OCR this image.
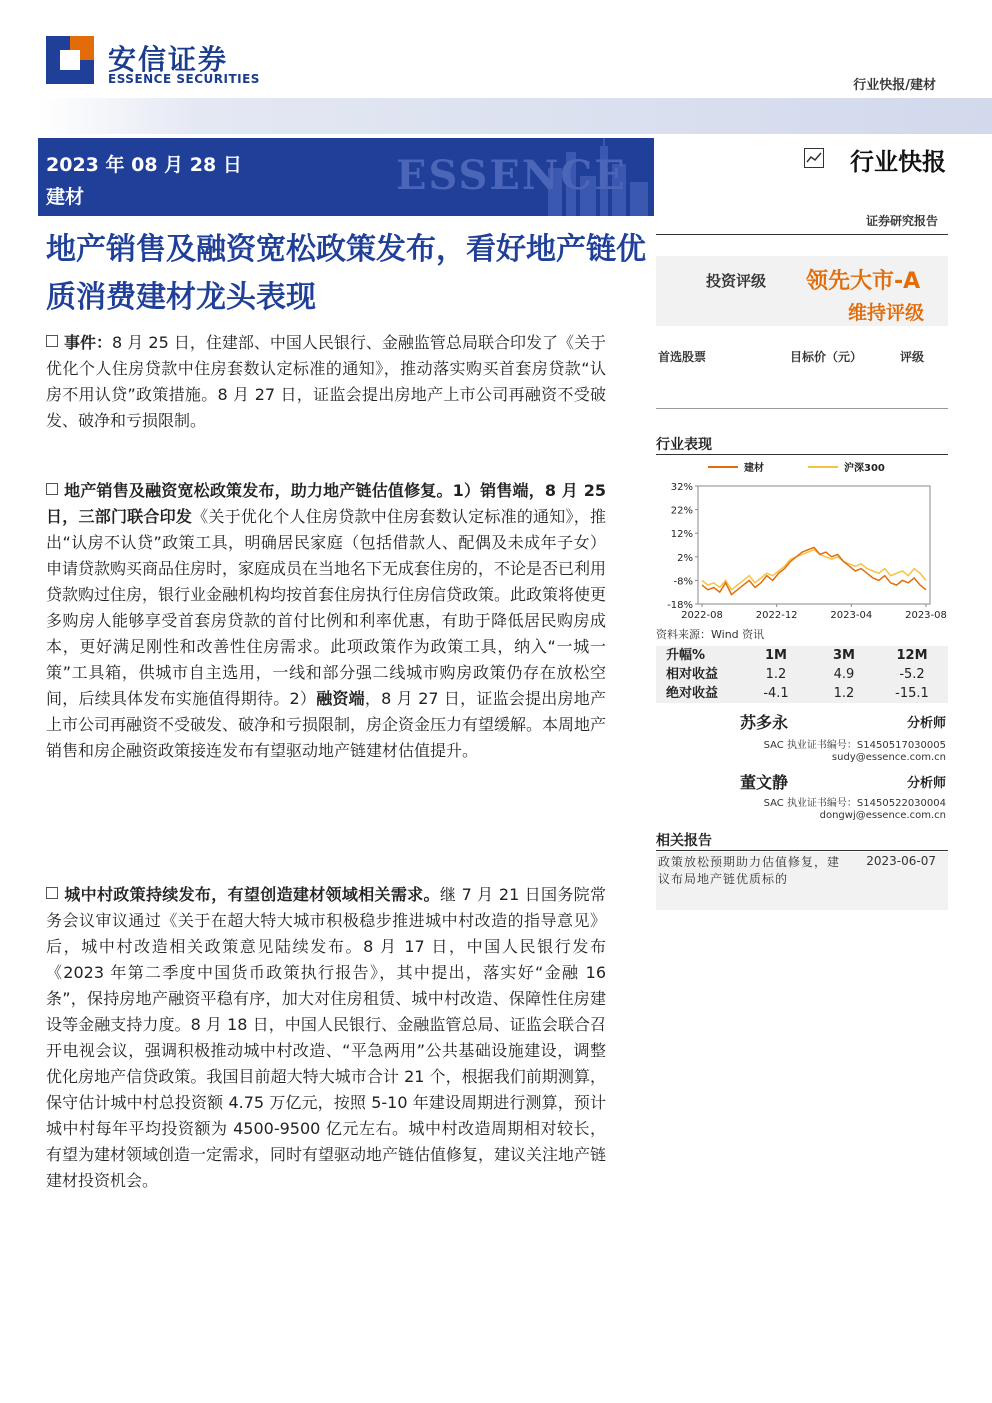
安信证券
ESSENCE SECURITIES	行业快报/建材
2023 年 08 月 28 日
建材	ESSENCE
地产销售及融资宽松政策发布，看好地产链优质消费建材龙头表现
行业快报
证券研究报告
投资评级 领先大市-A
维持评级
首选股票	目标价（元）	评级
行业表现
建材	沪深300
32%
22%
12%
2%
-8%
-18%
2022-08	2022-12	2023-04	2023-08
资料来源：Wind 资讯
升幅%	1M	3M	12M
相对收益	1.2	4.9	-5.2
绝对收益	-4.1	1.2	-15.1
苏多永	分析师
SAC 执业证书编号：S1450517030005
sudy@essence.com.cn
董文静	分析师
SAC 执业证书编号：S1450522030004
dongwj@essence.com.cn
相关报告
政策放松预期助力估值修复，建议布局地产链优质标的
2023-06-07
事件：8 月 25 日，住建部、中国人民银行、金融监管总局联合印发了《关于优化个人住房贷款中住房套数认定标准的通知》，推动落实购买首套房贷款“认房不用认贷”政策措施。8 月 27 日，证监会提出房地产上市公司再融资不受破发、破净和亏损限制。
地产销售及融资宽松政策发布，助力地产链估值修复。1）销售端，8 月 25 日，三部门联合印发《关于优化个人住房贷款中住房套数认定标准的通知》，推出“认房不认贷”政策工具，明确居民家庭（包括借款人、配偶及未成年子女）申请贷款购买商品住房时，家庭成员在当地名下无成套住房的，不论是否已利用贷款购过住房，银行业金融机构均按首套住房执行住房信贷政策。此政策将使更多购房人能够享受首套房贷款的首付比例和利率优惠，有助于降低居民购房成本，更好满足刚性和改善性住房需求。此项政策作为政策工具，纳入“一城一策”工具箱，供城市自主选用，一线和部分强二线城市购房政策仍存在放松空间，后续具体发布实施值得期待。2）融资端，8 月 27 日，证监会提出房地产上市公司再融资不受破发、破净和亏损限制，房企资金压力有望缓解。本周地产销售和房企融资政策接连发布有望驱动地产链建材估值提升。
城中村政策持续发布，有望创造建材领域相关需求。继 7 月 21 日国务院常务会议审议通过《关于在超大特大城市积极稳步推进城中村改造的指导意见》后，城中村改造相关政策意见陆续发布。8 月 17 日，中国人民银行发布《2023 年第二季度中国货币政策执行报告》，其中提出，落实好“金融 16 条”，保持房地产融资平稳有序，加大对住房租赁、城中村改造、保障性住房建设等金融支持力度。8 月 18 日，中国人民银行、金融监管总局、证监会联合召开电视会议，强调积极推动城中村改造、“平急两用”公共基础设施建设，调整优化房地产信贷政策。我国目前超大特大城市合计 21 个，根据我们前期测算，保守估计城中村总投资额 4.75 万亿元，按照 5-10 年建设周期进行测算，预计城中村每年平均投资额为 4500-9500 亿元左右。城中村改造周期相对较长，有望为建材领域创造一定需求，同时有望驱动地产链估值修复，建议关注地产链建材投资机会。
